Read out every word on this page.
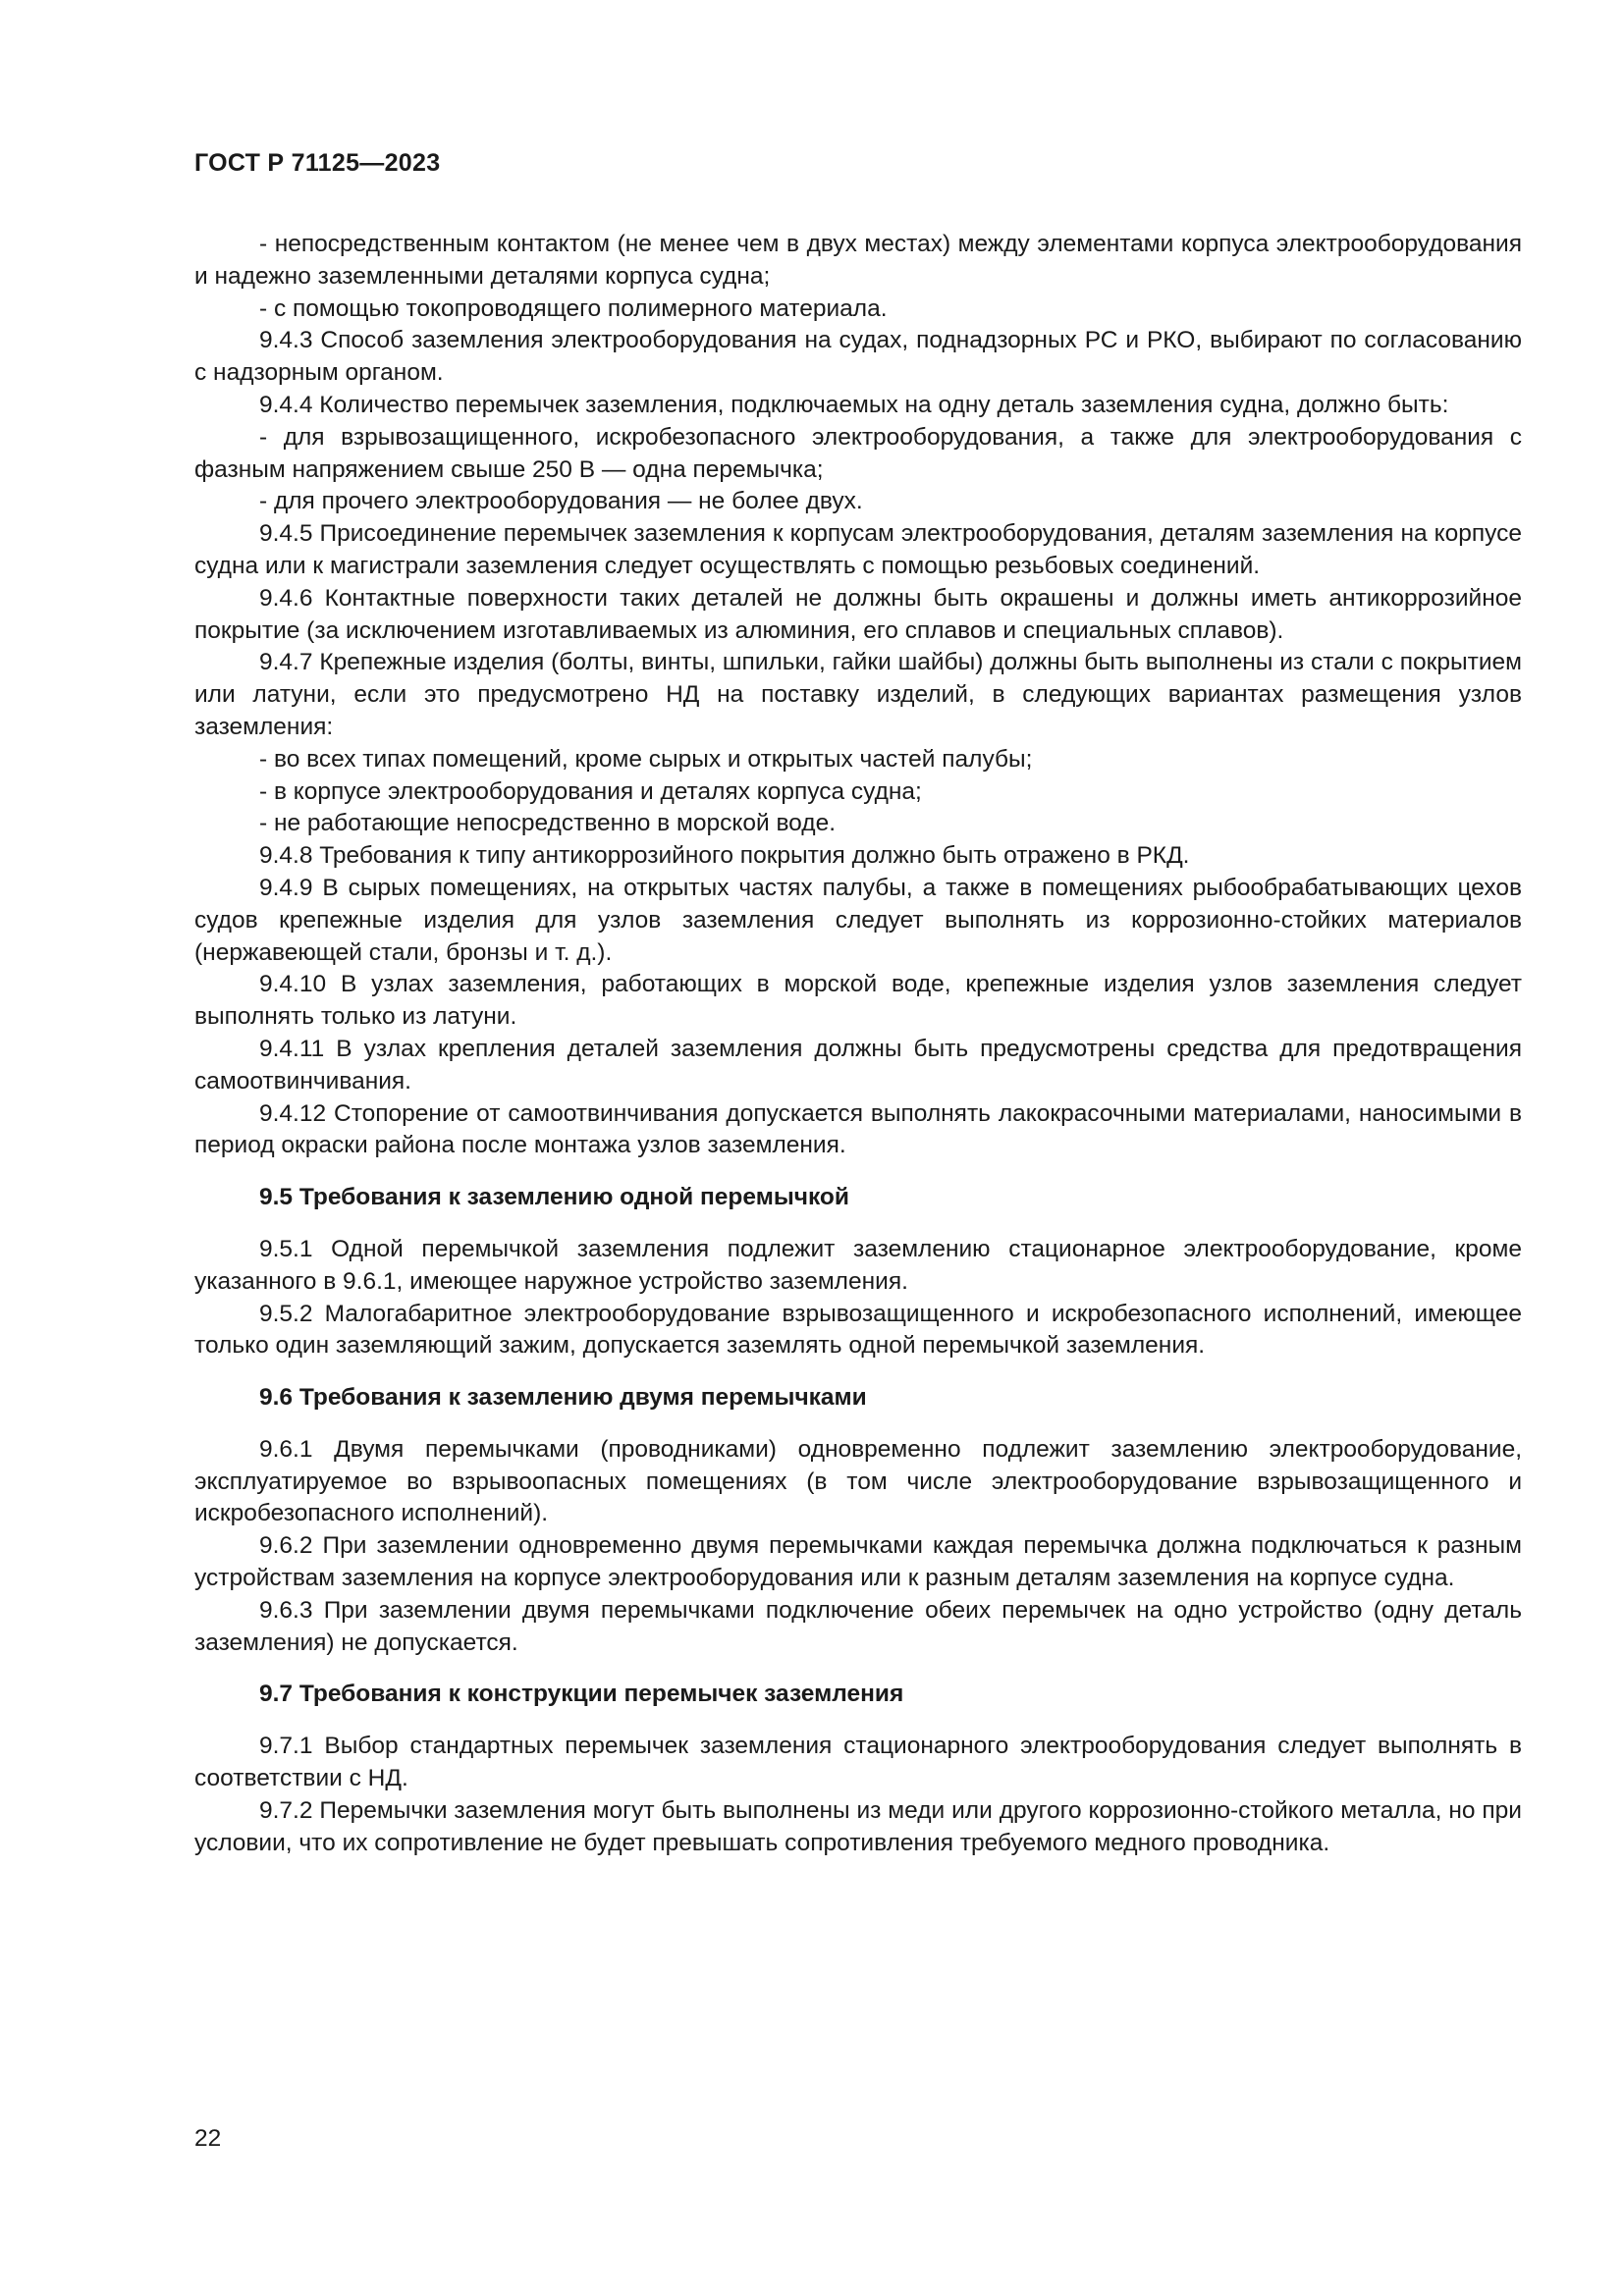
ГОСТ Р 71125—2023

- непосредственным контактом (не менее чем в двух местах) между элементами корпуса электрооборудования и надежно заземленными деталями корпуса судна;

- с помощью токопроводящего полимерного материала.

9.4.3 Способ заземления электрооборудования на судах, поднадзорных РС и РКО, выбирают по согласованию с надзорным органом.

9.4.4 Количество перемычек заземления, подключаемых на одну деталь заземления судна, должно быть:

- для взрывозащищенного, искробезопасного электрооборудования, а также для электрооборудования с фазным напряжением свыше 250 В — одна перемычка;

- для прочего электрооборудования — не более двух.

9.4.5 Присоединение перемычек заземления к корпусам электрооборудования, деталям заземления на корпусе судна или к магистрали заземления следует осуществлять с помощью резьбовых соединений.

9.4.6 Контактные поверхности таких деталей не должны быть окрашены и должны иметь антикоррозийное покрытие (за исключением изготавливаемых из алюминия, его сплавов и специальных сплавов).

9.4.7 Крепежные изделия (болты, винты, шпильки, гайки шайбы) должны быть выполнены из стали с покрытием или латуни, если это предусмотрено НД на поставку изделий, в следующих вариантах размещения узлов заземления:

- во всех типах помещений, кроме сырых и открытых частей палубы;

- в корпусе электрооборудования и деталях корпуса судна;

- не работающие непосредственно в морской воде.

9.4.8 Требования к типу антикоррозийного покрытия должно быть отражено в РКД.

9.4.9 В сырых помещениях, на открытых частях палубы, а также в помещениях рыбообрабатывающих цехов судов крепежные изделия для узлов заземления следует выполнять из коррозионно-стойких материалов (нержавеющей стали, бронзы и т. д.).

9.4.10 В узлах заземления, работающих в морской воде, крепежные изделия узлов заземления следует выполнять только из латуни.

9.4.11 В узлах крепления деталей заземления должны быть предусмотрены средства для предотвращения самоотвинчивания.

9.4.12 Стопорение от самоотвинчивания допускается выполнять лакокрасочными материалами, наносимыми в период окраски района после монтажа узлов заземления.

9.5 Требования к заземлению одной перемычкой

9.5.1 Одной перемычкой заземления подлежит заземлению стационарное электрооборудование, кроме указанного в 9.6.1, имеющее наружное устройство заземления.

9.5.2 Малогабаритное электрооборудование взрывозащищенного и искробезопасного исполнений, имеющее только один заземляющий зажим, допускается заземлять одной перемычкой заземления.

9.6 Требования к заземлению двумя перемычками

9.6.1 Двумя перемычками (проводниками) одновременно подлежит заземлению электрооборудование, эксплуатируемое во взрывоопасных помещениях (в том числе электрооборудование взрывозащищенного и искробезопасного исполнений).

9.6.2 При заземлении одновременно двумя перемычками каждая перемычка должна подключаться к разным устройствам заземления на корпусе электрооборудования или к разным деталям заземления на корпусе судна.

9.6.3 При заземлении двумя перемычками подключение обеих перемычек на одно устройство (одну деталь заземления) не допускается.

9.7 Требования к конструкции перемычек заземления

9.7.1 Выбор стандартных перемычек заземления стационарного электрооборудования следует выполнять в соответствии с НД.

9.7.2 Перемычки заземления могут быть выполнены из меди или другого коррозионно-стойкого металла, но при условии, что их сопротивление не будет превышать сопротивления требуемого медного проводника.

22
